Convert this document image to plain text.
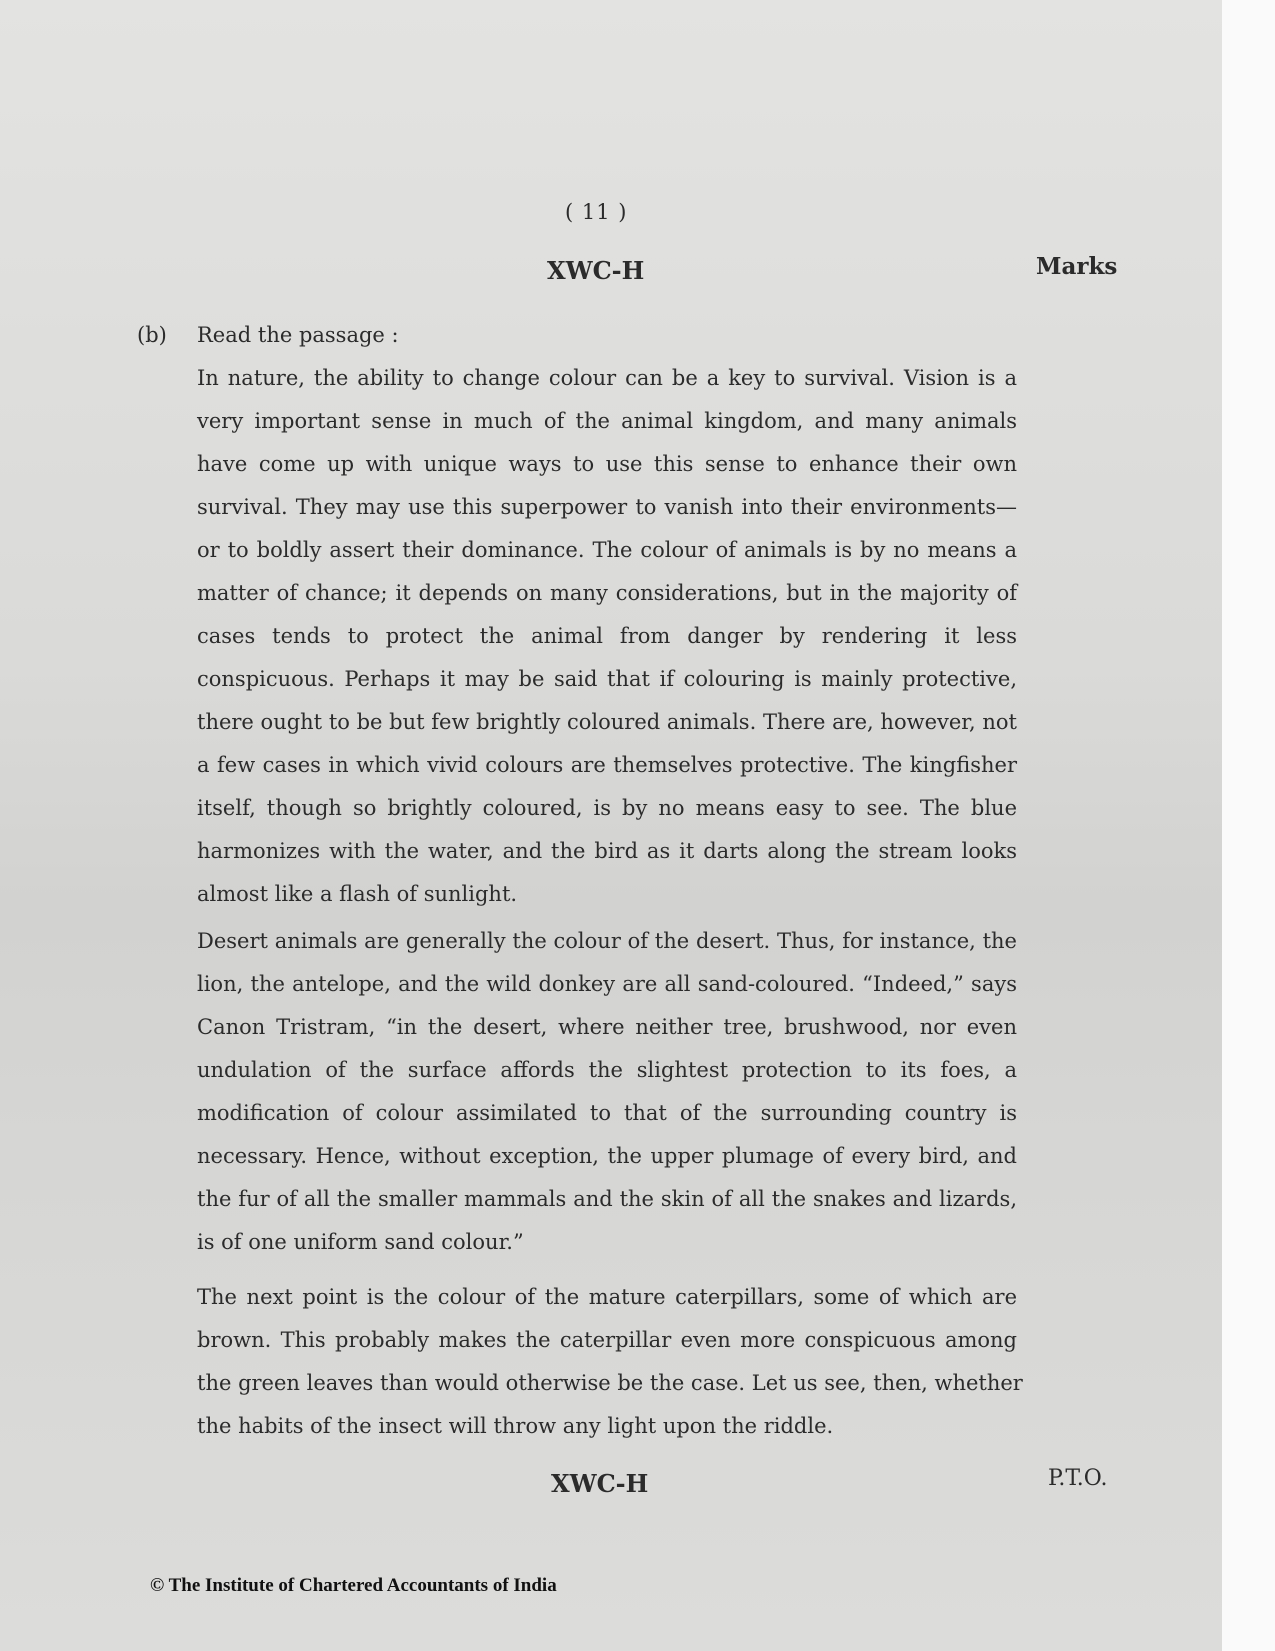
( 11 )
XWC-H	Marks
(b) Read the passage :
In nature, the ability to change colour can be a key to survival. Vision is a
very important sense in much of the animal kingdom, and many animals
have come up with unique ways to use this sense to enhance their own
survival. They may use this superpower to vanish into their environments—
or to boldly assert their dominance. The colour of animals is by no means a
matter of chance; it depends on many considerations, but in the majority of
cases tends to protect the animal from danger by rendering it less
conspicuous. Perhaps it may be said that if colouring is mainly protective,
there ought to be but few brightly coloured animals. There are, however, not
a few cases in which vivid colours are themselves protective. The kingfisher
itself, though so brightly coloured, is by no means easy to see. The blue
harmonizes with the water, and the bird as it darts along the stream looks
almost like a flash of sunlight.
Desert animals are generally the colour of the desert. Thus, for instance, the
lion, the antelope, and the wild donkey are all sand-coloured. “Indeed,” says
Canon Tristram, “in the desert, where neither tree, brushwood, nor even
undulation of the surface affords the slightest protection to its foes, a
modification of colour assimilated to that of the surrounding country is
necessary. Hence, without exception, the upper plumage of every bird, and
the fur of all the smaller mammals and the skin of all the snakes and lizards,
is of one uniform sand colour.”
The next point is the colour of the mature caterpillars, some of which are
brown. This probably makes the caterpillar even more conspicuous among
the green leaves than would otherwise be the case. Let us see, then, whether
the habits of the insect will throw any light upon the riddle.
XWC-H	P.T.O.
© The Institute of Chartered Accountants of India
